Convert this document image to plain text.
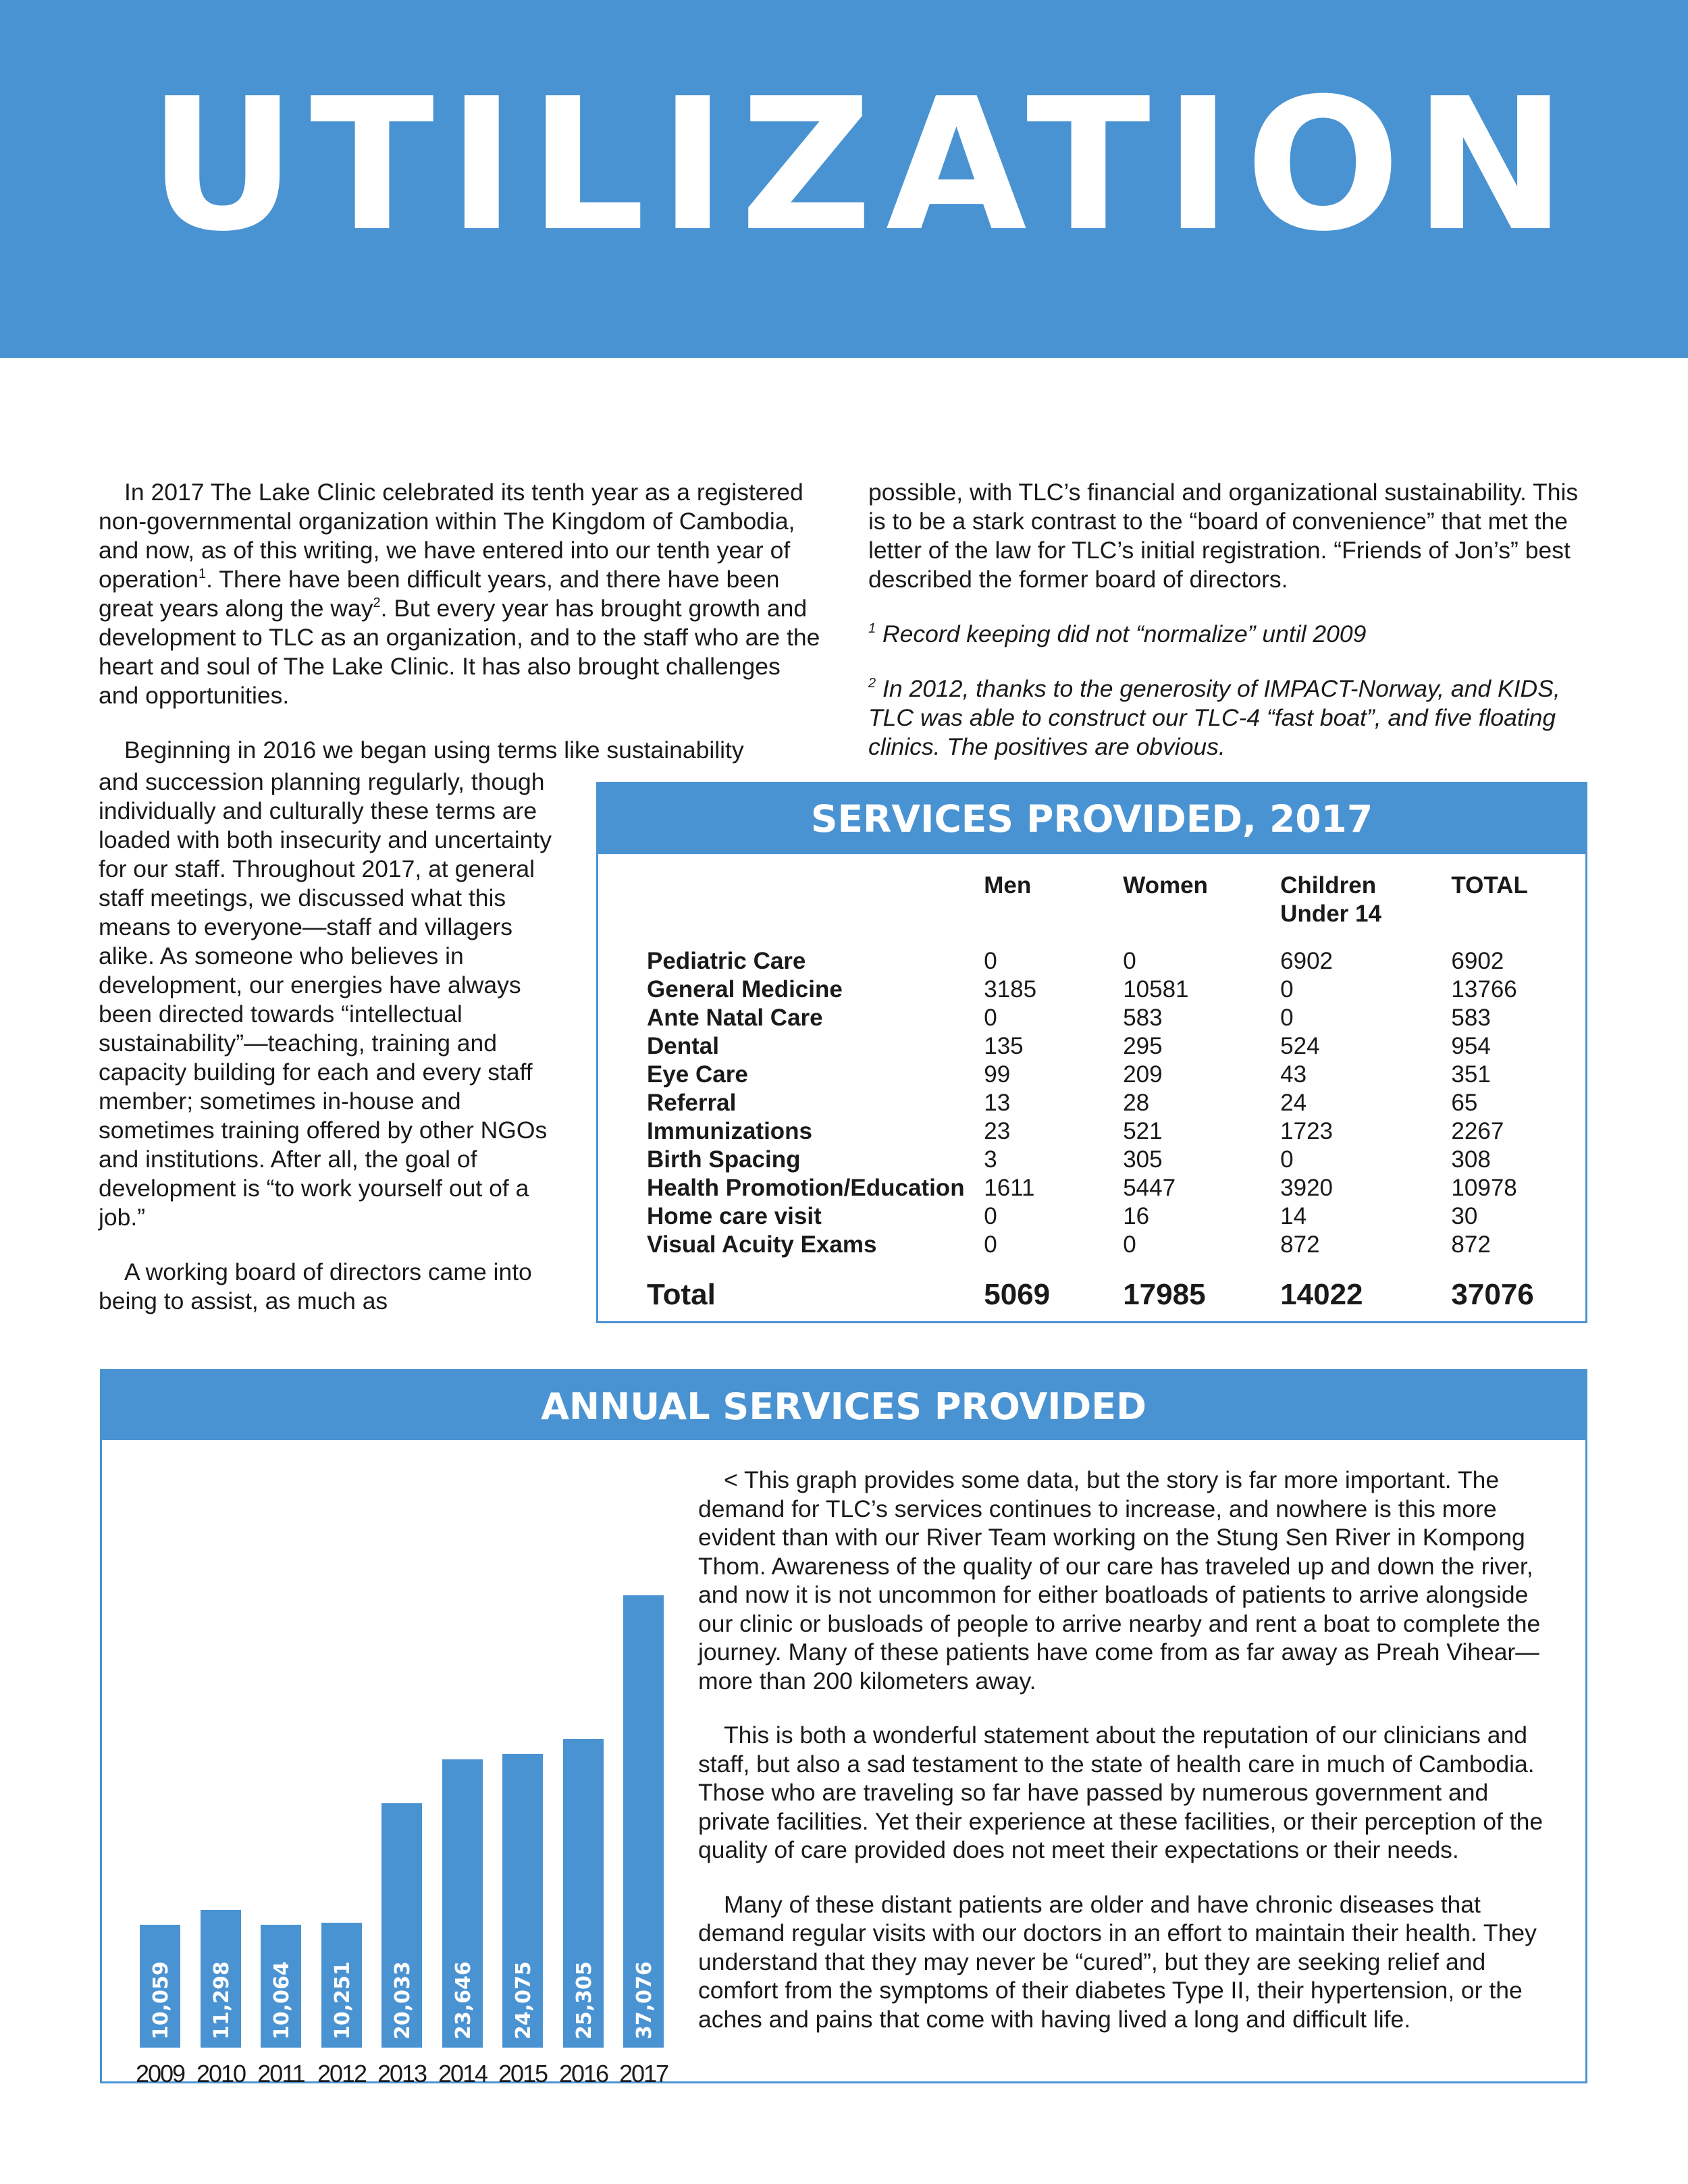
UTILIZATION

In 2017 The Lake Clinic celebrated its tenth year as a registered non-governmental organization within The Kingdom of Cambodia, and now, as of this writing, we have entered into our tenth year of operation$^1$. There have been difficult years, and there have been great years along the way$^2$. But every year has brought growth and development to TLC as an organization, and to the staff who are the heart and soul of The Lake Clinic. It has also brought challenges and opportunities.

Beginning in 2016 we began using terms like sustainability

and succession planning regularly, though individually and culturally these terms are loaded with both insecurity and uncertainty for our staff. Throughout 2017, at general staff meetings, we discussed what this means to everyone—staff and villagers alike. As someone who believes in development, our energies have always been directed towards “intellectual sustainability”—teaching, training and capacity building for each and every staff member; sometimes in-house and sometimes training offered by other NGOs and institutions. After all, the goal of development is “to work yourself out of a job.”

A working board of directors came into being to assist, as much as

possible, with TLC’s financial and organizational sustainability. This is to be a stark contrast to the “board of convenience” that met the letter of the law for TLC’s initial registration. “Friends of Jon’s” best described the former board of directors.

$^1$ Record keeping did not “normalize” until 2009

$^2$ In 2012, thanks to the generosity of IMPACT-Norway, and KIDS, TLC was able to construct our TLC-4 “fast boat”, and five floating clinics. The positives are obvious.

SERVICES PROVIDED, 2017
	Men	Women	Children Under 14	TOTAL
Pediatric Care	0	0	6902	6902
General Medicine	3185	10581	0	13766
Ante Natal Care	0	583	0	583
Dental	135	295	524	954
Eye Care	99	209	43	351
Referral	13	28	24	65
Immunizations	23	521	1723	2267
Birth Spacing	3	305	0	308
Health Promotion/Education	1611	5447	3920	10978
Home care visit	0	16	14	30
Visual Acuity Exams	0	0	872	872
Total	5069	17985	14022	37076
ANNUAL SERVICES PROVIDED
10,059
2009
11,298
2010
10,064
2011
10,251
2012
20,033
2013
23,646
2014
24,075
2015
25,305
2016
37,076
2017

< This graph provides some data, but the story is far more important. The demand for TLC’s services continues to increase, and nowhere is this more evident than with our River Team working on the Stung Sen River in Kompong Thom. Awareness of the quality of our care has traveled up and down the river, and now it is not uncommon for either boatloads of patients to arrive alongside our clinic or busloads of people to arrive nearby and rent a boat to complete the journey. Many of these patients have come from as far away as Preah Vihear—more than 200 kilometers away.

This is both a wonderful statement about the reputation of our clinicians and staff, but also a sad testament to the state of health care in much of Cambodia. Those who are traveling so far have passed by numerous government and private facilities. Yet their experience at these facilities, or their perception of the quality of care provided does not meet their expectations or their needs.

Many of these distant patients are older and have chronic diseases that demand regular visits with our doctors in an effort to maintain their health. They understand that they may never be “cured”, but they are seeking relief and comfort from the symptoms of their diabetes Type II, their hypertension, or the aches and pains that come with having lived a long and difficult life.
